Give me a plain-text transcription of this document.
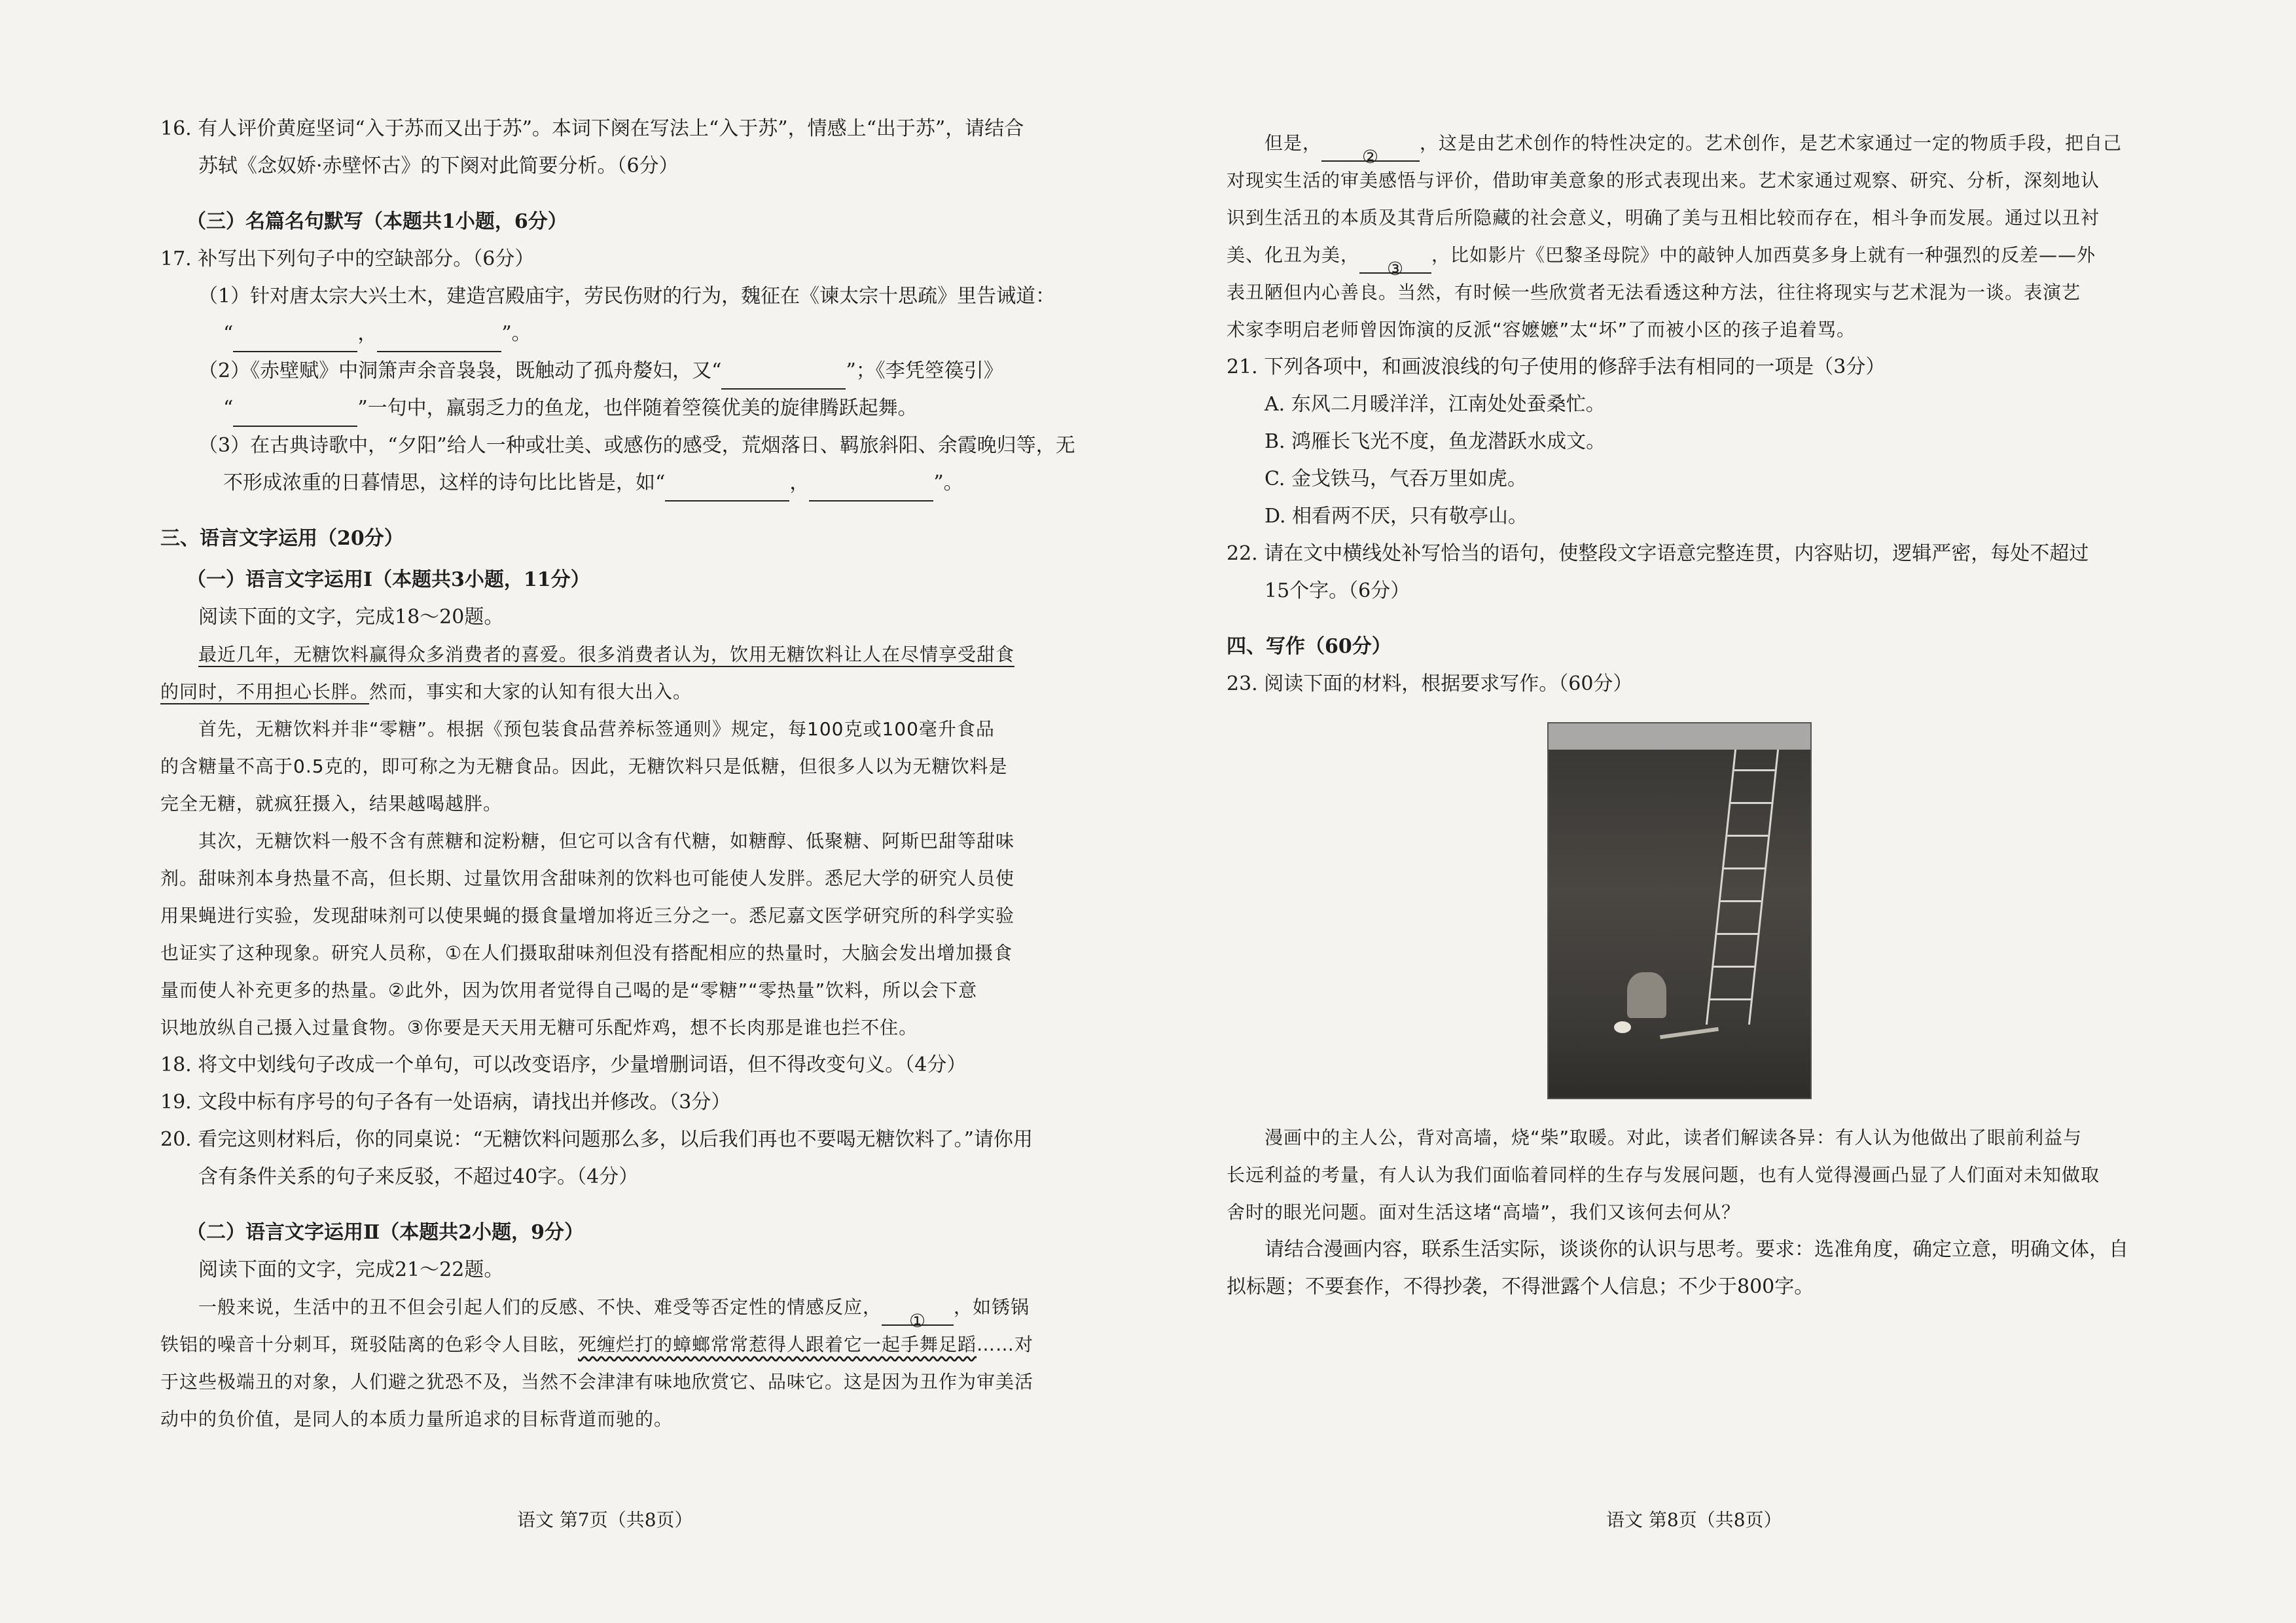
16. 有人评价黄庭坚词“入于苏而又出于苏”。本词下阕在写法上“入于苏”，情感上“出于苏”，请结合

苏轼《念奴娇·赤壁怀古》的下阕对此简要分析。（6分）

（三）名篇名句默写（本题共1小题，6分）

17. 补写出下列句子中的空缺部分。（6分）

（1）针对唐太宗大兴土木，建造宫殿庙宇，劳民伤财的行为，魏征在《谏太宗十思疏》里告诫道：

“	，	”。

（2）《赤壁赋》中洞箫声余音袅袅，既触动了孤舟嫠妇，又“	”；《李凭箜篌引》

“	”一句中，羸弱乏力的鱼龙，也伴随着箜篌优美的旋律腾跃起舞。

（3）在古典诗歌中，“夕阳”给人一种或壮美、或感伤的感受，荒烟落日、羁旅斜阳、余霞晚归等，无

不形成浓重的日暮情思，这样的诗句比比皆是，如“	，	”。

三、语言文字运用（20分）

（一）语言文字运用Ⅰ（本题共3小题，11分）

阅读下面的文字，完成18～20题。

最近几年，无糖饮料赢得众多消费者的喜爱。很多消费者认为，饮用无糖饮料让人在尽情享受甜食

的同时，不用担心长胖。然而，事实和大家的认知有很大出入。

首先，无糖饮料并非“零糖”。根据《预包装食品营养标签通则》规定，每100克或100毫升食品

的含糖量不高于0.5克的，即可称之为无糖食品。因此，无糖饮料只是低糖，但很多人以为无糖饮料是

完全无糖，就疯狂摄入，结果越喝越胖。

其次，无糖饮料一般不含有蔗糖和淀粉糖，但它可以含有代糖，如糖醇、低聚糖、阿斯巴甜等甜味

剂。甜味剂本身热量不高，但长期、过量饮用含甜味剂的饮料也可能使人发胖。悉尼大学的研究人员使

用果蝇进行实验，发现甜味剂可以使果蝇的摄食量增加将近三分之一。悉尼嘉文医学研究所的科学实验

也证实了这种现象。研究人员称，①在人们摄取甜味剂但没有搭配相应的热量时，大脑会发出增加摄食

量而使人补充更多的热量。②此外，因为饮用者觉得自己喝的是“零糖”“零热量”饮料，所以会下意

识地放纵自己摄入过量食物。③你要是天天用无糖可乐配炸鸡，想不长肉那是谁也拦不住。

18. 将文中划线句子改成一个单句，可以改变语序，少量增删词语，但不得改变句义。（4分）

19. 文段中标有序号的句子各有一处语病，请找出并修改。（3分）

20. 看完这则材料后，你的同桌说：“无糖饮料问题那么多，以后我们再也不要喝无糖饮料了。”请你用

含有条件关系的句子来反驳，不超过40字。（4分）

（二）语言文字运用Ⅱ（本题共2小题，9分）

阅读下面的文字，完成21～22题。

一般来说，生活中的丑不但会引起人们的反感、不快、难受等否定性的情感反应，①，如锈锅

铁铝的噪音十分刺耳，斑驳陆离的色彩令人目眩，死缠烂打的蟑螂常常惹得人跟着它一起手舞足蹈……对

于这些极端丑的对象，人们避之犹恐不及，当然不会津津有味地欣赏它、品味它。这是因为丑作为审美活

动中的负价值，是同人的本质力量所追求的目标背道而驰的。

语文 第7页（共8页）

但是，②，这是由艺术创作的特性决定的。艺术创作，是艺术家通过一定的物质手段，把自己

对现实生活的审美感悟与评价，借助审美意象的形式表现出来。艺术家通过观察、研究、分析，深刻地认

识到生活丑的本质及其背后所隐藏的社会意义，明确了美与丑相比较而存在，相斗争而发展。通过以丑衬

美、化丑为美，③，比如影片《巴黎圣母院》中的敲钟人加西莫多身上就有一种强烈的反差——外

表丑陋但内心善良。当然，有时候一些欣赏者无法看透这种方法，往往将现实与艺术混为一谈。表演艺

术家李明启老师曾因饰演的反派“容嬷嬷”太“坏”了而被小区的孩子追着骂。

21. 下列各项中，和画波浪线的句子使用的修辞手法有相同的一项是（3分）

A. 东风二月暖洋洋，江南处处蚕桑忙。

B. 鸿雁长飞光不度，鱼龙潜跃水成文。

C. 金戈铁马，气吞万里如虎。

D. 相看两不厌，只有敬亭山。

22. 请在文中横线处补写恰当的语句，使整段文字语意完整连贯，内容贴切，逻辑严密，每处不超过

15个字。（6分）

四、写作（60分）

23. 阅读下面的材料，根据要求写作。（60分）

漫画中的主人公，背对高墙，烧“柴”取暖。对此，读者们解读各异：有人认为他做出了眼前利益与

长远利益的考量，有人认为我们面临着同样的生存与发展问题，也有人觉得漫画凸显了人们面对未知做取

舍时的眼光问题。面对生活这堵“高墙”，我们又该何去何从？

请结合漫画内容，联系生活实际，谈谈你的认识与思考。要求：选准角度，确定立意，明确文体，自

拟标题；不要套作，不得抄袭，不得泄露个人信息；不少于800字。

语文 第8页（共8页）
